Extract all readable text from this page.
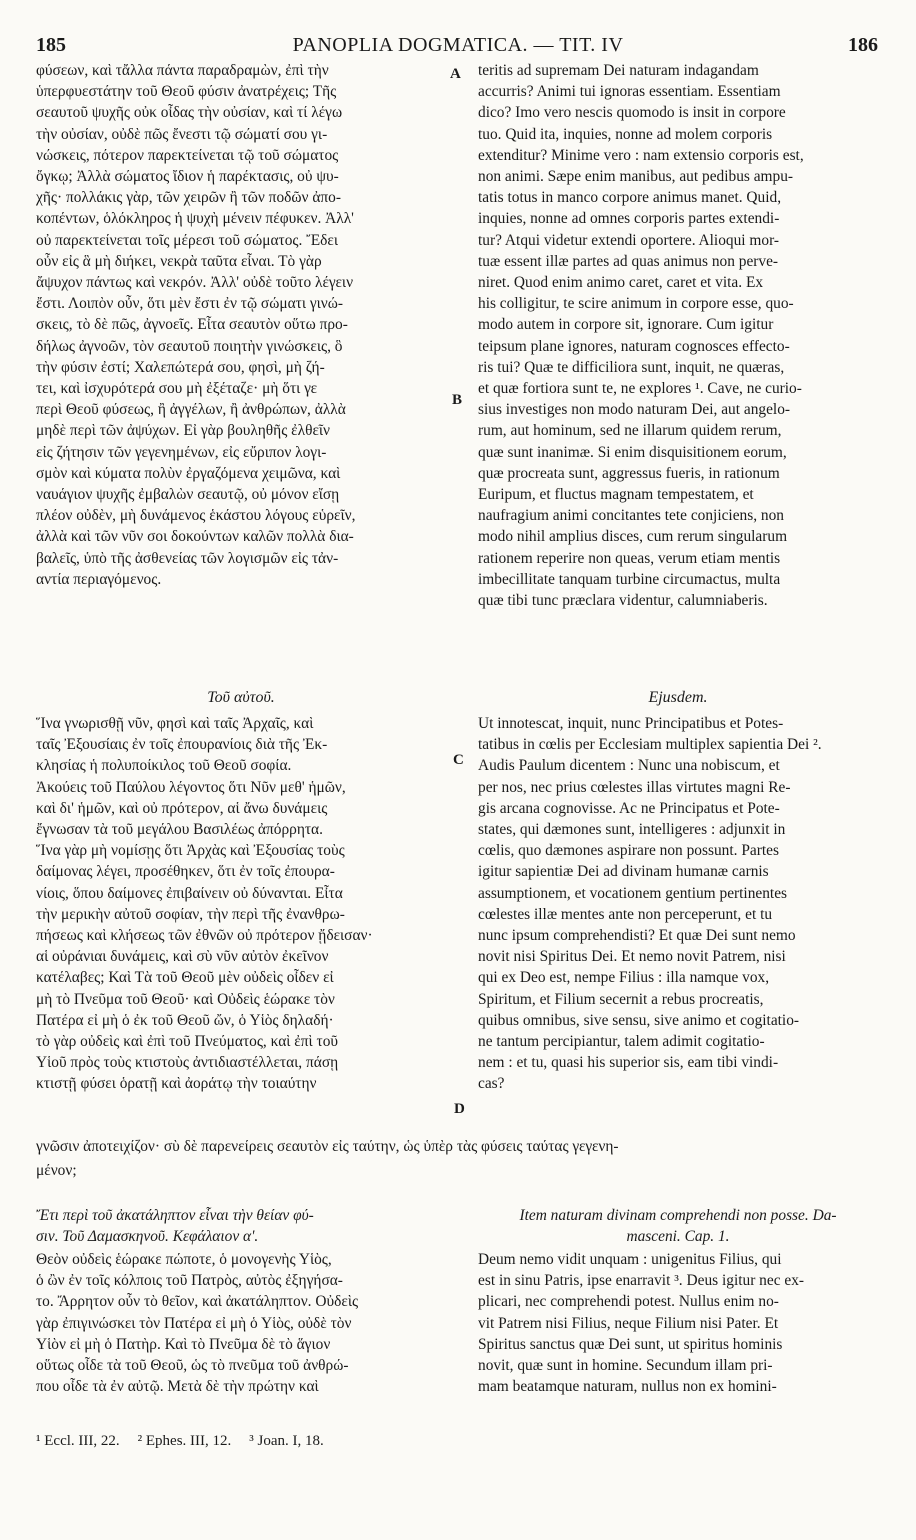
185	PANOPLIA DOGMATICA. — TIT. IV	186
A
B
C
D
φύσεων, καὶ τἄλλα πάντα παραδραμὼν, ἐπὶ τὴν
ὑπερφυεστάτην τοῦ Θεοῦ φύσιν ἀνατρέχεις; Τῆς
σεαυτοῦ ψυχῆς οὐκ οἶδας τὴν οὐσίαν, καὶ τί λέγω
τὴν οὐσίαν, οὐδὲ πῶς ἔνεστι τῷ σώματί σου γι-
νώσκεις, πότερον παρεκτείνεται τῷ τοῦ σώματος
ὄγκῳ; Ἀλλὰ σώματος ἴδιον ἡ παρέκτασις, οὐ ψυ-
χῆς· πολλάκις γὰρ, τῶν χειρῶν ἢ τῶν ποδῶν ἀπο-
κοπέντων, ὁλόκληρος ἡ ψυχὴ μένειν πέφυκεν. Ἀλλ'
οὐ παρεκτείνεται τοῖς μέρεσι τοῦ σώματος. Ἔδει
οὖν εἰς ἃ μὴ διήκει, νεκρὰ ταῦτα εἶναι. Τὸ γὰρ
ἄψυχον πάντως καὶ νεκρόν. Ἀλλ' οὐδὲ τοῦτο λέγειν
ἔστι. Λοιπὸν οὖν, ὅτι μὲν ἔστι ἐν τῷ σώματι γινώ-
σκεις, τὸ δὲ πῶς, ἀγνοεῖς. Εἶτα σεαυτὸν οὕτω προ-
δήλως ἀγνοῶν, τὸν σεαυτοῦ ποιητὴν γινώσκεις, ὃ
τὴν φύσιν ἐστί; Χαλεπώτερά σου, φησὶ, μὴ ζή-
τει, καὶ ἰσχυρότερά σου μὴ ἐξέταζε· μὴ ὅτι γε
περὶ Θεοῦ φύσεως, ἢ ἀγγέλων, ἢ ἀνθρώπων, ἀλλὰ
μηδὲ περὶ τῶν ἀψύχων. Εἰ γὰρ βουληθῆς ἐλθεῖν
εἰς ζήτησιν τῶν γεγενημένων, εἰς εὔριπον λογι-
σμὸν καὶ κύματα πολὺν ἐργαζόμενα χειμῶνα, καὶ
ναυάγιον ψυχῆς ἐμβαλὼν σεαυτῷ, οὐ μόνον εἴσῃ
πλέον οὐδὲν, μὴ δυνάμενος ἑκάστου λόγους εὑρεῖν,
ἀλλὰ καὶ τῶν νῦν σοι δοκούντων καλῶν πολλὰ δια-
βαλεῖς, ὑπὸ τῆς ἀσθενείας τῶν λογισμῶν εἰς τἀν-
αντία περιαγόμενος.
Τοῦ αὐτοῦ.
Ἵνα γνωρισθῇ νῦν, φησὶ καὶ ταῖς Ἀρχαῖς, καὶ
ταῖς Ἐξουσίαις ἐν τοῖς ἐπουρανίοις διὰ τῆς Ἐκ-
κλησίας ἡ πολυποίκιλος τοῦ Θεοῦ σοφία.
Ἀκούεις τοῦ Παύλου λέγοντος ὅτι Νῦν μεθ' ἡμῶν,
καὶ δι' ἡμῶν, καὶ οὐ πρότερον, αἱ ἄνω δυνάμεις
ἔγνωσαν τὰ τοῦ μεγάλου Βασιλέως ἀπόρρητα.
Ἵνα γὰρ μὴ νομίσῃς ὅτι Ἀρχὰς καὶ Ἐξουσίας τοὺς
δαίμονας λέγει, προσέθηκεν, ὅτι ἐν τοῖς ἐπουρα-
νίοις, ὅπου δαίμονες ἐπιβαίνειν οὐ δύνανται. Εἶτα
τὴν μερικὴν αὐτοῦ σοφίαν, τὴν περὶ τῆς ἐνανθρω-
πήσεως καὶ κλήσεως τῶν ἐθνῶν οὐ πρότερον ᾔδεισαν·
αἱ οὐράνιαι δυνάμεις, καὶ σὺ νῦν αὐτὸν ἐκεῖνον
κατέλαβες; Καὶ Τὰ τοῦ Θεοῦ μὲν οὐδεὶς οἶδεν εἰ
μὴ τὸ Πνεῦμα τοῦ Θεοῦ· καὶ Οὐδεὶς ἑώρακε τὸν
Πατέρα εἰ μὴ ὁ ἐκ τοῦ Θεοῦ ὤν, ὁ Υἱὸς δηλαδή·
τὸ γὰρ οὐδεὶς καὶ ἐπὶ τοῦ Πνεύματος, καὶ ἐπὶ τοῦ
Υἱοῦ πρὸς τοὺς κτιστοὺς ἀντιδιαστέλλεται, πάσῃ
κτιστῇ φύσει ὁρατῇ καὶ ἀοράτῳ τὴν τοιαύτην
γνῶσιν ἀποτειχίζον· σὺ δὲ παρενείρεις σεαυτὸν εἰς ταύτην, ὡς ὑπὲρ τὰς φύσεις ταύτας γεγενη-
μένον;
Ἔτι περὶ τοῦ ἀκατάληπτον εἶναι τὴν θείαν φύ-
σιν. Τοῦ Δαμασκηνοῦ. Κεφάλαιον α'.
Θεὸν οὐδεὶς ἑώρακε πώποτε, ὁ μονογενὴς Υἱὸς,
ὁ ὢν ἐν τοῖς κόλποις τοῦ Πατρὸς, αὐτὸς ἐξηγήσα-
το. Ἄρρητον οὖν τὸ θεῖον, καὶ ἀκατάληπτον. Οὐδεὶς
γὰρ ἐπιγινώσκει τὸν Πατέρα εἰ μὴ ὁ Υἱὸς, οὐδὲ τὸν
Υἱὸν εἰ μὴ ὁ Πατὴρ. Καὶ τὸ Πνεῦμα δὲ τὸ ἅγιον
οὕτως οἶδε τὰ τοῦ Θεοῦ, ὡς τὸ πνεῦμα τοῦ ἀνθρώ-
που οἶδε τὰ ἐν αὐτῷ. Μετὰ δὲ τὴν πρώτην καὶ
teritis ad supremam Dei naturam indagandam
accurris? Animi tui ignoras essentiam. Essentiam
dico? Imo vero nescis quomodo is insit in corpore
tuo. Quid ita, inquies, nonne ad molem corporis
extenditur? Minime vero : nam extensio corporis est,
non animi. Sæpe enim manibus, aut pedibus ampu-
tatis totus in manco corpore animus manet. Quid,
inquies, nonne ad omnes corporis partes extendi-
tur? Atqui videtur extendi oportere. Alioqui mor-
tuæ essent illæ partes ad quas animus non perve-
niret. Quod enim animo caret, caret et vita. Ex
his colligitur, te scire animum in corpore esse, quo-
modo autem in corpore sit, ignorare. Cum igitur
teipsum plane ignores, naturam cognosces effecto-
ris tui? Quæ te difficiliora sunt, inquit, ne quæras,
et quæ fortiora sunt te, ne explores ¹. Cave, ne curio-
sius investiges non modo naturam Dei, aut angelo-
rum, aut hominum, sed ne illarum quidem rerum,
quæ sunt inanimæ. Si enim disquisitionem eorum,
quæ procreata sunt, aggressus fueris, in rationum
Euripum, et fluctus magnam tempestatem, et
naufragium animi concitantes tete conjiciens, non
modo nihil amplius disces, cum rerum singularum
rationem reperire non queas, verum etiam mentis
imbecillitate tanquam turbine circumactus, multa
quæ tibi tunc præclara videntur, calumniaberis.
Ejusdem.
Ut innotescat, inquit, nunc Principatibus et Potes-
tatibus in cœlis per Ecclesiam multiplex sapientia Dei ².
Audis Paulum dicentem : Nunc una nobiscum, et
per nos, nec prius cœlestes illas virtutes magni Re-
gis arcana cognovisse. Ac ne Principatus et Pote-
states, qui dæmones sunt, intelligeres : adjunxit in
cœlis, quo dæmones aspirare non possunt. Partes
igitur sapientiæ Dei ad divinam humanæ carnis
assumptionem, et vocationem gentium pertinentes
cœlestes illæ mentes ante non perceperunt, et tu
nunc ipsum comprehendisti? Et quæ Dei sunt nemo
novit nisi Spiritus Dei. Et nemo novit Patrem, nisi
qui ex Deo est, nempe Filius : illa namque vox,
Spiritum, et Filium secernit a rebus procreatis,
quibus omnibus, sive sensu, sive animo et cogitatio-
ne tantum percipiantur, talem adimit cogitatio-
nem : et tu, quasi his superior sis, eam tibi vindi-
cas?
Item naturam divinam comprehendi non posse. Da-
masceni. Cap. 1.
Deum nemo vidit unquam : unigenitus Filius, qui
est in sinu Patris, ipse enarravit ³. Deus igitur nec ex-
plicari, nec comprehendi potest. Nullus enim no-
vit Patrem nisi Filius, neque Filium nisi Pater. Et
Spiritus sanctus quæ Dei sunt, ut spiritus hominis
novit, quæ sunt in homine. Secundum illam pri-
mam beatamque naturam, nullus non ex homini-
¹ Eccl. III, 22. ² Ephes. III, 12. ³ Joan. I, 18.
